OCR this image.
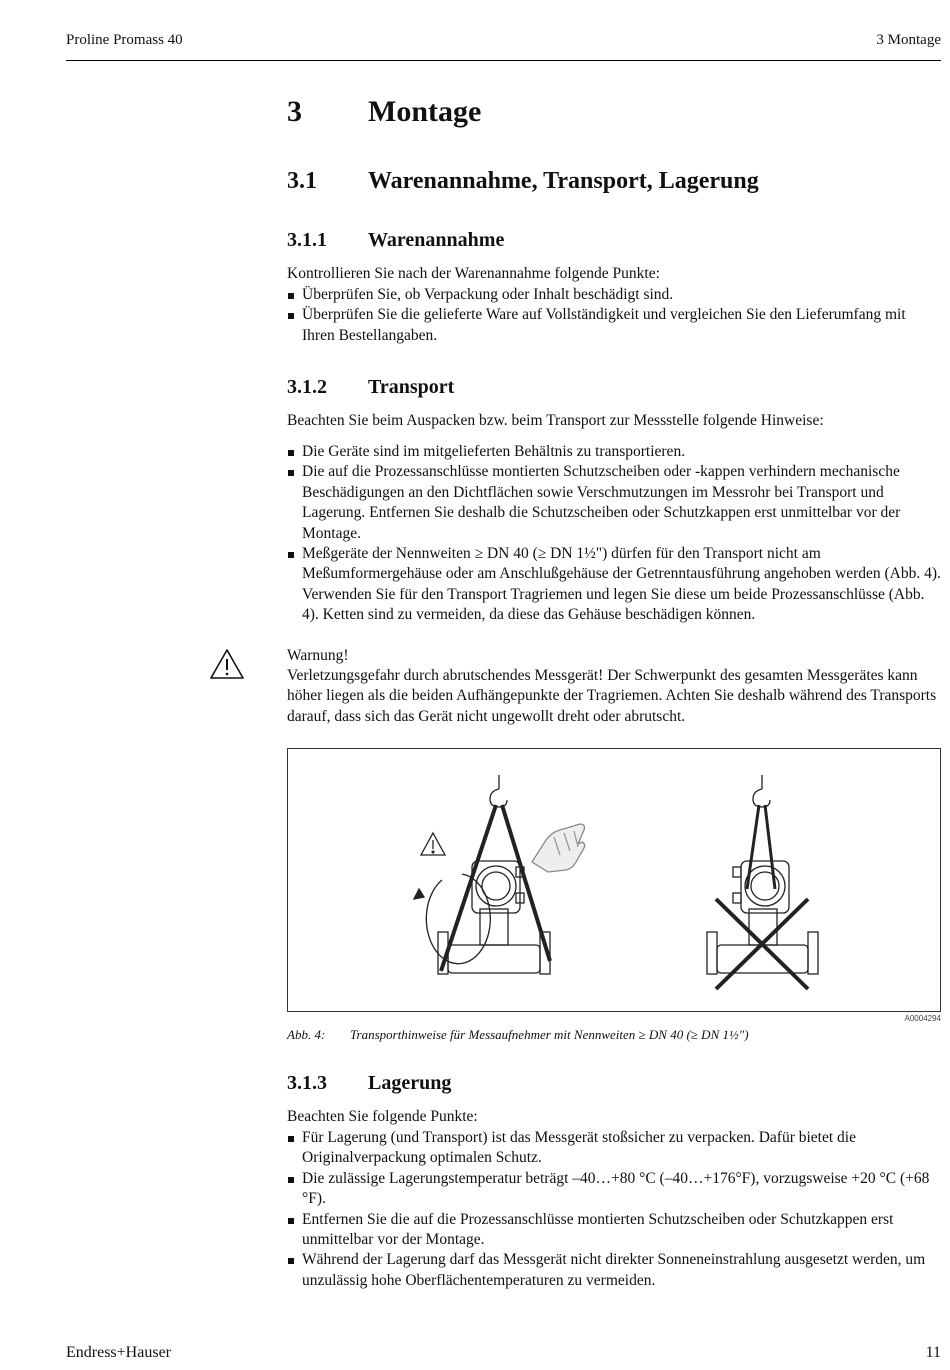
Proline Promass 40	3 Montage
3 Montage
3.1 Warenannahme, Transport, Lagerung
3.1.1 Warenannahme

Kontrollieren Sie nach der Warenannahme folgende Punkte:

Überprüfen Sie, ob Verpackung oder Inhalt beschädigt sind.
Überprüfen Sie die gelieferte Ware auf Vollständigkeit und vergleichen Sie den Lieferumfang mit Ihren Bestellangaben.
3.1.2 Transport

Beachten Sie beim Auspacken bzw. beim Transport zur Messstelle folgende Hinweise:

Die Geräte sind im mitgelieferten Behältnis zu transportieren.
Die auf die Prozessanschlüsse montierten Schutzscheiben oder -kappen verhindern mechanische Beschädigungen an den Dichtflächen sowie Verschmutzungen im Messrohr bei Transport und Lagerung. Entfernen Sie deshalb die Schutzscheiben oder Schutzkappen erst unmittelbar vor der Montage.
Meßgeräte der Nennweiten ≥ DN 40 (≥ DN 1½") dürfen für den Transport nicht am Meßumformergehäuse oder am Anschlußgehäuse der Getrenntausführung angehoben werden (Abb. 4). Verwenden Sie für den Transport Tragriemen und legen Sie diese um beide Prozessanschlüsse (Abb. 4). Ketten sind zu vermeiden, da diese das Gehäuse beschädigen können.

Warnung!

Verletzungsgefahr durch abrutschendes Messgerät! Der Schwerpunkt des gesamten Messgerätes kann höher liegen als die beiden Aufhängepunkte der Tragriemen. Achten Sie deshalb während des Transports darauf, dass sich das Gerät nicht ungewollt dreht oder abrutscht.

A0004294
Abb. 4: Transporthinweise für Messaufnehmer mit Nennweiten ≥ DN 40 (≥ DN 1½")
3.1.3 Lagerung

Beachten Sie folgende Punkte:

Für Lagerung (und Transport) ist das Messgerät stoßsicher zu verpacken. Dafür bietet die Originalverpackung optimalen Schutz.
Die zulässige Lagerungstemperatur beträgt –40…+80 °C (–40…+176°F), vorzugsweise +20 °C (+68 °F).
Entfernen Sie die auf die Prozessanschlüsse montierten Schutzscheiben oder Schutzkappen erst unmittelbar vor der Montage.
Während der Lagerung darf das Messgerät nicht direkter Sonneneinstrahlung ausgesetzt werden, um unzulässig hohe Oberflächentemperaturen zu vermeiden.
Endress+Hauser	11
